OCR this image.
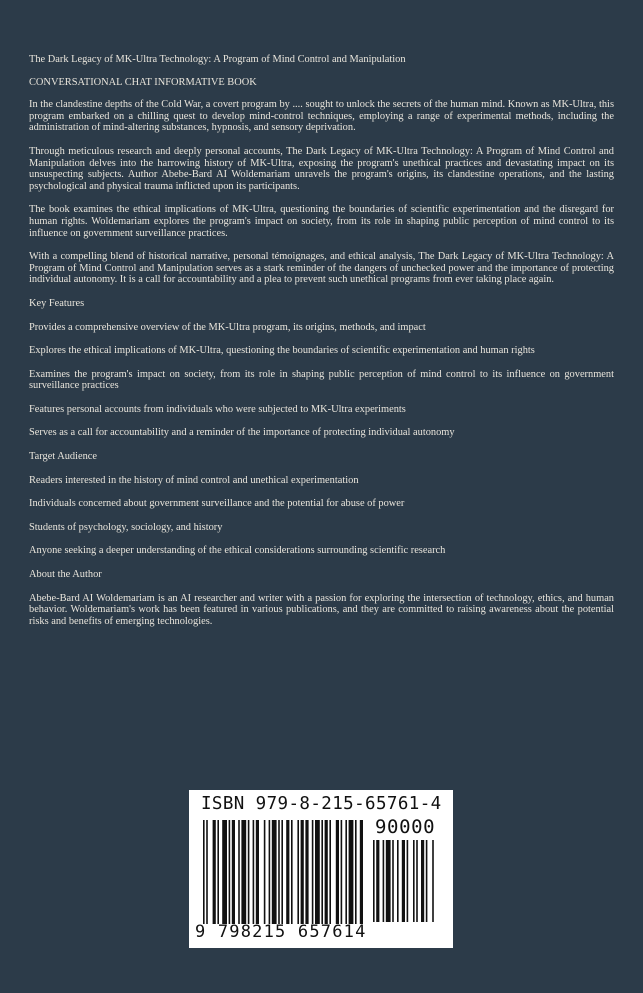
The Dark Legacy of MK-Ultra Technology: A Program of Mind Control and Manipulation

CONVERSATIONAL CHAT INFORMATIVE BOOK

In the clandestine depths of the Cold War, a covert program by .... sought to unlock the secrets of the human mind. Known as MK-Ultra, this program embarked on a chilling quest to develop mind-control techniques, employing a range of experimental methods, including the administration of mind-altering substances, hypnosis, and sensory deprivation.

Through meticulous research and deeply personal accounts, The Dark Legacy of MK-Ultra Technology: A Program of Mind Control and Manipulation delves into the harrowing history of MK-Ultra, exposing the program's unethical practices and devastating impact on its unsuspecting subjects. Author Abebe-Bard AI Woldemariam unravels the program's origins, its clandestine operations, and the lasting psychological and physical trauma inflicted upon its participants.

The book examines the ethical implications of MK-Ultra, questioning the boundaries of scientific experimentation and the disregard for human rights. Woldemariam explores the program's impact on society, from its role in shaping public perception of mind control to its influence on government surveillance practices.

With a compelling blend of historical narrative, personal témoignages, and ethical analysis, The Dark Legacy of MK-Ultra Technology: A Program of Mind Control and Manipulation serves as a stark reminder of the dangers of unchecked power and the importance of protecting individual autonomy. It is a call for accountability and a plea to prevent such unethical programs from ever taking place again.

Key Features

Provides a comprehensive overview of the MK-Ultra program, its origins, methods, and impact

Explores the ethical implications of MK-Ultra, questioning the boundaries of scientific experimentation and human rights

Examines the program's impact on society, from its role in shaping public perception of mind control to its influence on government surveillance practices

Features personal accounts from individuals who were subjected to MK-Ultra experiments

Serves as a call for accountability and a reminder of the importance of protecting individual autonomy

Target Audience

Readers interested in the history of mind control and unethical experimentation

Individuals concerned about government surveillance and the potential for abuse of power

Students of psychology, sociology, and history

Anyone seeking a deeper understanding of the ethical considerations surrounding scientific research

About the Author

Abebe-Bard AI Woldemariam is an AI researcher and writer with a passion for exploring the intersection of technology, ethics, and human behavior. Woldemariam's work has been featured in various publications, and they are committed to raising awareness about the potential risks and benefits of emerging technologies.

ISBN 979-8-215-65761-4
90000
9 798215 657614
